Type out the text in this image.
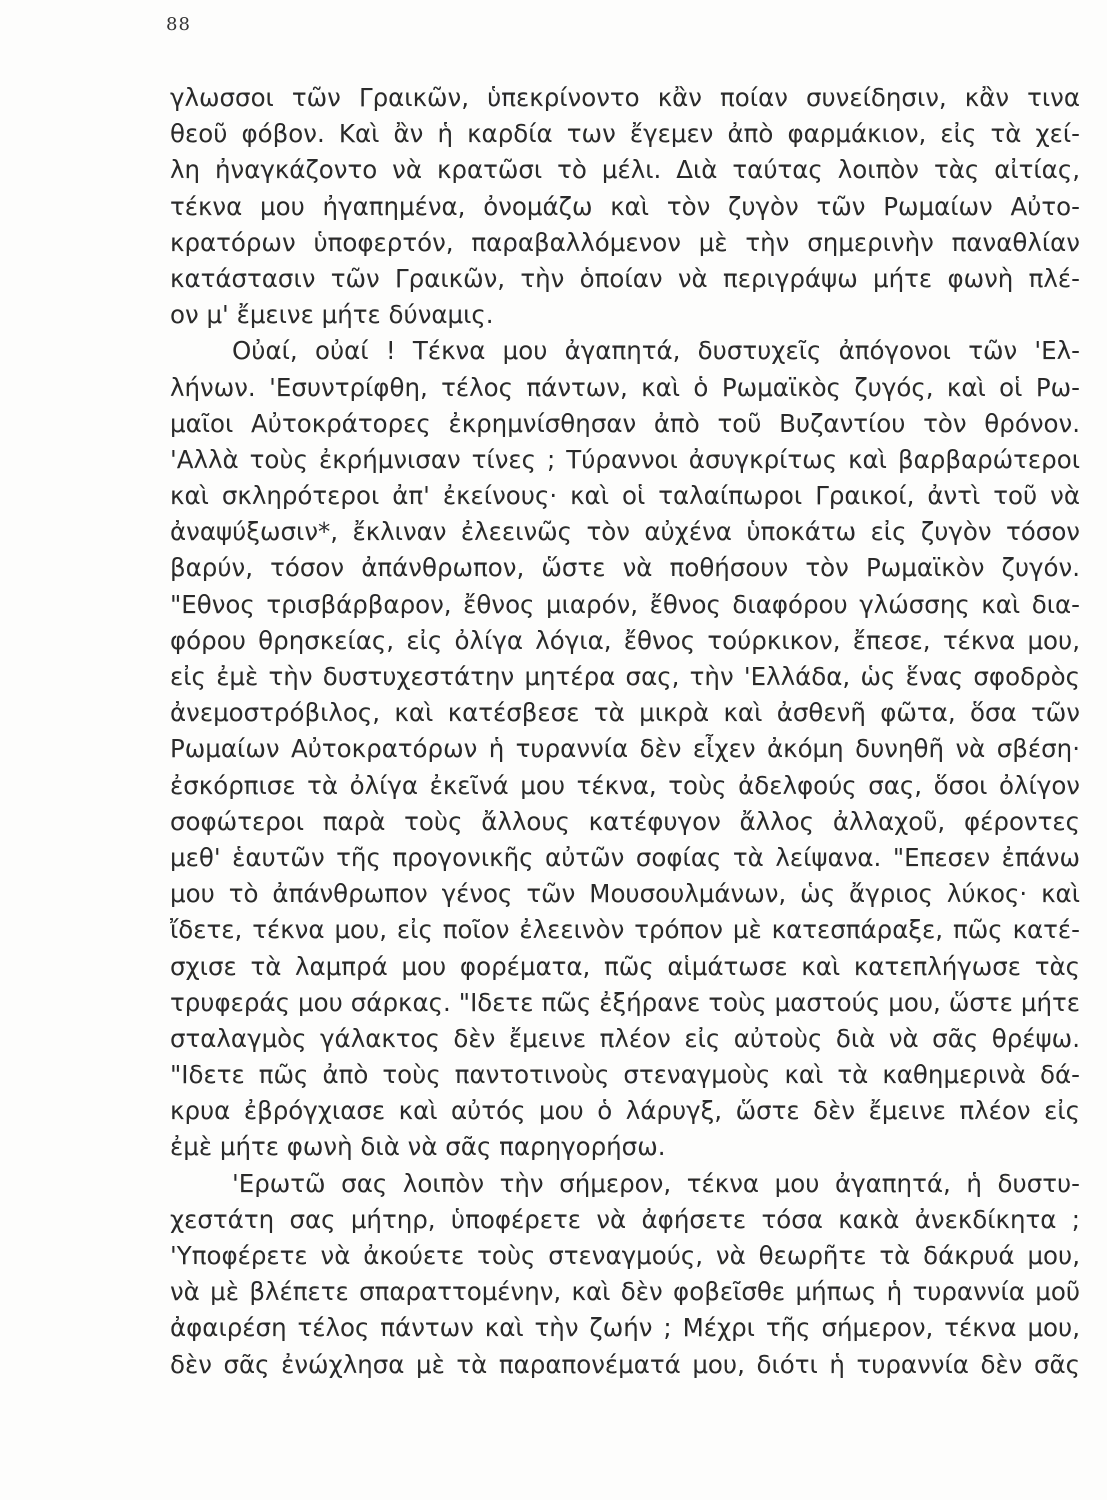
88
γλωσσοι τῶν Γραικῶν, ὑπεκρίνοντο κἂν ποίαν συνείδησιν, κἂν τινα
θεοῦ φόβον. Καὶ ἂν ἡ καρδία των ἔγεμεν ἀπὸ φαρμάκιον, εἰς τὰ χεί-
λη ἠναγκάζοντο νὰ κρατῶσι τὸ μέλι. Διὰ ταύτας λοιπὸν τὰς αἰτίας,
τέκνα μου ἠγαπημένα, ὀνομάζω καὶ τὸν ζυγὸν τῶν Ρωμαίων Αὐτο-
κρατόρων ὑποφερτόν, παραβαλλόμενον μὲ τὴν σημερινὴν παναθλίαν
κατάστασιν τῶν Γραικῶν, τὴν ὁποίαν νὰ περιγράψω μήτε φωνὴ πλέ-
ον μ' ἔμεινε μήτε δύναμις.
Οὐαί, οὐαί ! Τέκνα μου ἀγαπητά, δυστυχεῖς ἀπόγονοι τῶν 'Ελ-
λήνων. 'Εσυντρίφθη, τέλος πάντων, καὶ ὁ Ρωμαϊκὸς ζυγός, καὶ οἱ Ρω-
μαῖοι Αὐτοκράτορες ἐκρημνίσθησαν ἀπὸ τοῦ Βυζαντίου τὸν θρόνον.
'Αλλὰ τοὺς ἐκρήμνισαν τίνες ; Τύραννοι ἀσυγκρίτως καὶ βαρβαρώτεροι
καὶ σκληρότεροι ἀπ' ἐκείνους· καὶ οἱ ταλαίπωροι Γραικοί, ἀντὶ τοῦ νὰ
ἀναψύξωσιν*, ἔκλιναν ἐλεεινῶς τὸν αὐχένα ὑποκάτω εἰς ζυγὸν τόσον
βαρύν, τόσον ἀπάνθρωπον, ὥστε νὰ ποθήσουν τὸν Ρωμαϊκὸν ζυγόν.
"Εθνος τρισβάρβαρον, ἔθνος μιαρόν, ἔθνος διαφόρου γλώσσης καὶ δια-
φόρου θρησκείας, εἰς ὀλίγα λόγια, ἔθνος τούρκικον, ἔπεσε, τέκνα μου,
εἰς ἐμὲ τὴν δυστυχεστάτην μητέρα σας, τὴν 'Ελλάδα, ὡς ἕνας σφοδρὸς
ἀνεμοστρόβιλος, καὶ κατέσβεσε τὰ μικρὰ καὶ ἀσθενῆ φῶτα, ὅσα τῶν
Ρωμαίων Αὐτοκρατόρων ἡ τυραννία δὲν εἶχεν ἀκόμη δυνηθῆ νὰ σβέση·
ἐσκόρπισε τὰ ὀλίγα ἐκεῖνά μου τέκνα, τοὺς ἀδελφούς σας, ὅσοι ὀλίγον
σοφώτεροι παρὰ τοὺς ἄλλους κατέφυγον ἄλλος ἀλλαχοῦ, φέροντες
μεθ' ἑαυτῶν τῆς προγονικῆς αὐτῶν σοφίας τὰ λείψανα. "Επεσεν ἐπάνω
μου τὸ ἀπάνθρωπον γένος τῶν Μουσουλμάνων, ὡς ἄγριος λύκος· καὶ
ἴδετε, τέκνα μου, εἰς ποῖον ἐλεεινὸν τρόπον μὲ κατεσπάραξε, πῶς κατέ-
σχισε τὰ λαμπρά μου φορέματα, πῶς αἱμάτωσε καὶ κατεπλήγωσε τὰς
τρυφεράς μου σάρκας. "Ιδετε πῶς ἐξήρανε τοὺς μαστούς μου, ὥστε μήτε
σταλαγμὸς γάλακτος δὲν ἔμεινε πλέον εἰς αὐτοὺς διὰ νὰ σᾶς θρέψω.
"Ιδετε πῶς ἀπὸ τοὺς παντοτινοὺς στεναγμοὺς καὶ τὰ καθημερινὰ δά-
κρυα ἐβρόγχιασε καὶ αὐτός μου ὁ λάρυγξ, ὥστε δὲν ἔμεινε πλέον εἰς
ἐμὲ μήτε φωνὴ διὰ νὰ σᾶς παρηγορήσω.
'Ερωτῶ σας λοιπὸν τὴν σήμερον, τέκνα μου ἀγαπητά, ἡ δυστυ-
χεστάτη σας μήτηρ, ὑποφέρετε νὰ ἀφήσετε τόσα κακὰ ἀνεκδίκητα ;
'Υποφέρετε νὰ ἀκούετε τοὺς στεναγμούς, νὰ θεωρῆτε τὰ δάκρυά μου,
νὰ μὲ βλέπετε σπαραττομένην, καὶ δὲν φοβεῖσθε μήπως ἡ τυραννία μοῦ
ἀφαιρέση τέλος πάντων καὶ τὴν ζωήν ; Μέχρι τῆς σήμερον, τέκνα μου,
δὲν σᾶς ἐνώχλησα μὲ τὰ παραπονέματά μου, διότι ἡ τυραννία δὲν σᾶς
